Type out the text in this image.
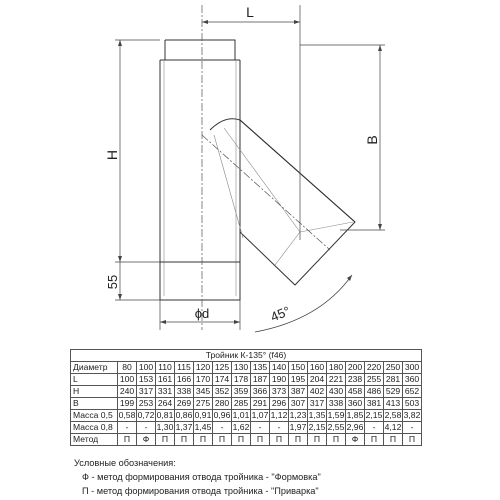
L
B
H
55
ϕd	45°
Тройник К-135° (f46)																
Диаметр	80	100	110	115	120	125	130	135	140	150	160	180	200	220	250	300
L	100	153	161	166	170	174	178	187	190	195	204	221	238	255	281	360
H	240	317	331	338	345	352	359	366	373	387	402	430	458	486	529	652
B	199	253	264	269	275	280	285	291	296	307	317	338	360	381	413	503
Масса 0,5	0,58	0,72	0,81	0,86	0,91	0,96	1,01	1,07	1,12	1,23	1,35	1,59	1,85	2,15	2,58	3,82
Масса 0,8	-	-	1,30	1,37	1,45	-	1,62	-	-	1,97	2,15	2,55	2,96	-	4,12	-
Метод	П	Ф	П	П	П	П	П	П	П	П	П	П	Ф	П	П	П
Условные обозначения:
Ф - метод формирования отвода тройника - "Формовка"
П - метод формирования отвода тройника - "Приварка"
